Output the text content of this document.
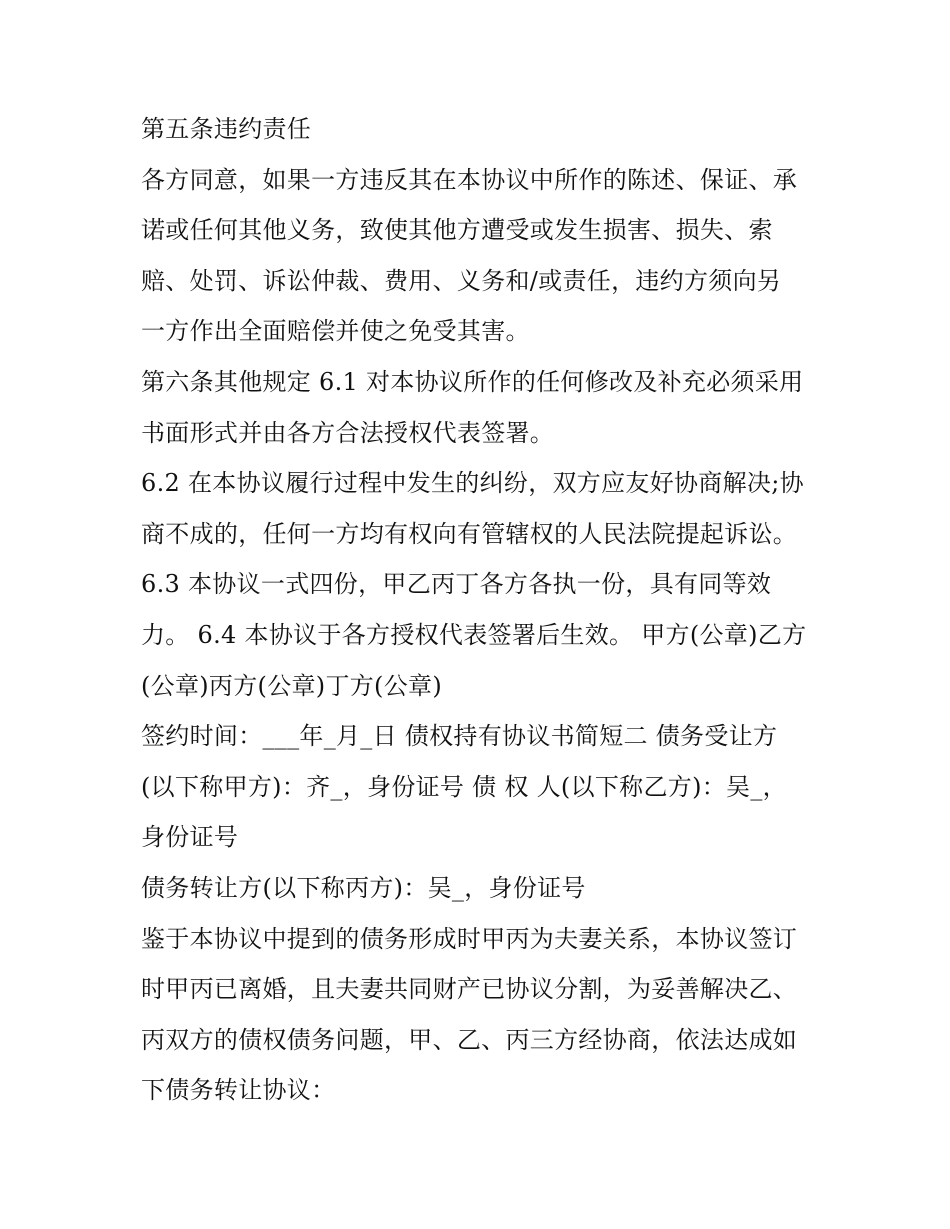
第五条违约责任
各方同意，如果一方违反其在本协议中所作的陈述、保证、承
诺或任何其他义务，致使其他方遭受或发生损害、损失、索
赔、处罚、诉讼仲裁、费用、义务和/或责任，违约方须向另
一方作出全面赔偿并使之免受其害。
第六条其他规定 6.1 对本协议所作的任何修改及补充必须采用
书面形式并由各方合法授权代表签署。
6.2 在本协议履行过程中发生的纠纷，双方应友好协商解决;协
商不成的，任何一方均有权向有管辖权的人民法院提起诉讼。
6.3 本协议一式四份，甲乙丙丁各方各执一份，具有同等效
力。 6.4 本协议于各方授权代表签署后生效。 甲方(公章)乙方
(公章)丙方(公章)丁方(公章)
签约时间：___年_月_日 债权持有协议书简短二 债务受让方
(以下称甲方)：齐_，身份证号 债 权 人(以下称乙方)：吴_，
身份证号
债务转让方(以下称丙方)：吴_，身份证号
鉴于本协议中提到的债务形成时甲丙为夫妻关系，本协议签订
时甲丙已离婚，且夫妻共同财产已协议分割，为妥善解决乙、
丙双方的债权债务问题，甲、乙、丙三方经协商，依法达成如
下债务转让协议：
